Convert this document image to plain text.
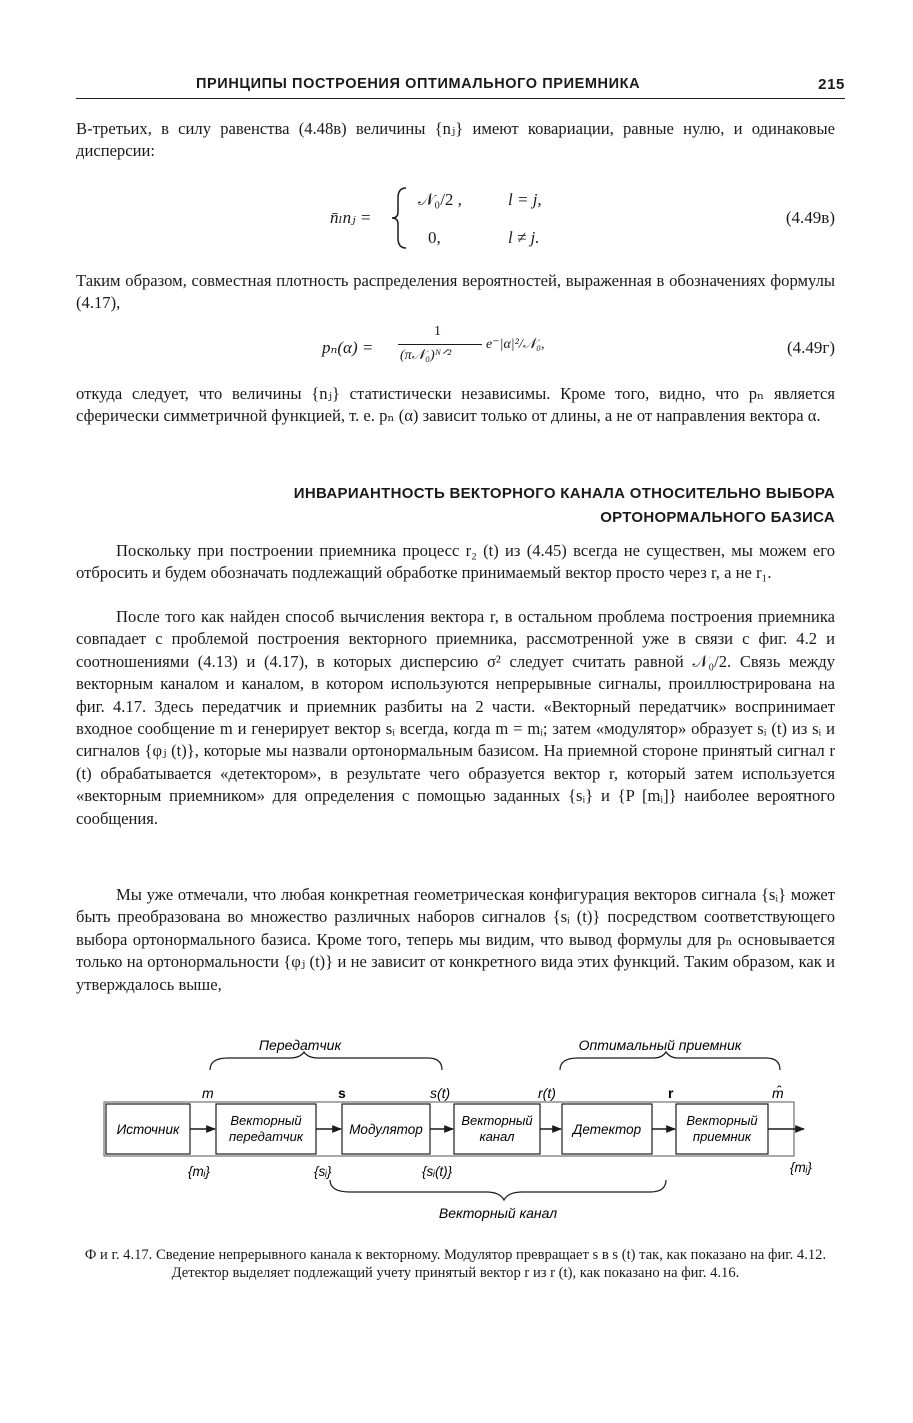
ПРИНЦИПЫ ПОСТРОЕНИЯ ОПТИМАЛЬНОГО ПРИЕМНИКА	215
В-третьих, в силу равенства (4.48в) величины {nⱼ} имеют ковариации, равные нулю, и одинаковые дисперсии:
n̄ₗnⱼ =
𝒩₀/2 ,	l = j,
0,	l ≠ j.
(4.49в)
Таким образом, совместная плотность распределения вероятностей, выраженная в обозначениях формулы (4.17),
pₙ(α) =
1
(π𝒩₀)ᴺᐟ²
e⁻|α|²/𝒩₀,	(4.49г)
откуда следует, что величины {nⱼ} статистически независимы. Кроме того, видно, что pₙ является сферически симметричной функцией, т. е. pₙ (α) зависит только от длины, а не от направления вектора α.
ИНВАРИАНТНОСТЬ ВЕКТОРНОГО КАНАЛА ОТНОСИТЕЛЬНО ВЫБОРА
ОРТОНОРМАЛЬНОГО БАЗИСА
Поскольку при построении приемника процесс r₂ (t) из (4.45) всегда не существен, мы можем его отбросить и будем обозначать подлежащий обработке принимаемый вектор просто через r, а не r₁.
После того как найден способ вычисления вектора r, в остальном проблема построения приемника совпадает с проблемой построения векторного приемника, рассмотренной уже в связи с фиг. 4.2 и соотношениями (4.13) и (4.17), в которых дисперсию σ² следует считать равной 𝒩₀/2. Связь между векторным каналом и каналом, в котором используются непрерывные сигналы, проиллюстрирована на фиг. 4.17. Здесь передатчик и приемник разбиты на 2 части. «Векторный передатчик» воспринимает входное сообщение m и генерирует вектор sᵢ всегда, когда m = mᵢ; затем «модулятор» образует sᵢ (t) из sᵢ и сигналов {φⱼ (t)}, которые мы назвали ортонормальным базисом. На приемной стороне принятый сигнал r (t) обрабатывается «детектором», в результате чего образуется вектор r, который затем используется «векторным приемником» для определения с помощью заданных {sᵢ} и {P [mᵢ]} наиболее вероятного сообщения.
Мы уже отмечали, что любая конкретная геометрическая конфигурация векторов сигнала {sᵢ} может быть преобразована во множество различных наборов сигналов {sᵢ (t)} посредством соответствующего выбора ортонормального базиса. Кроме того, теперь мы видим, что вывод формулы для pₙ основывается только на ортонормальности {φⱼ (t)} и не зависит от конкретного вида этих функций. Таким образом, как и утверждалось выше,
Передатчик	Оптимальный приемник
m	s	s(t)	r(t)	r	m̂
Источник
Векторный
передатчик	Модулятор
Векторный
канал	Детектор
Векторный
приемник
{mᵢ}	{sᵢ}	{sᵢ(t)}	{mᵢ}
Векторный канал
Ф и г. 4.17. Сведение непрерывного канала к векторному. Модулятор превращает s в s (t) так, как показано на фиг. 4.12. Детектор выделяет подлежащий учету принятый вектор r из r (t), как показано на фиг. 4.16.
